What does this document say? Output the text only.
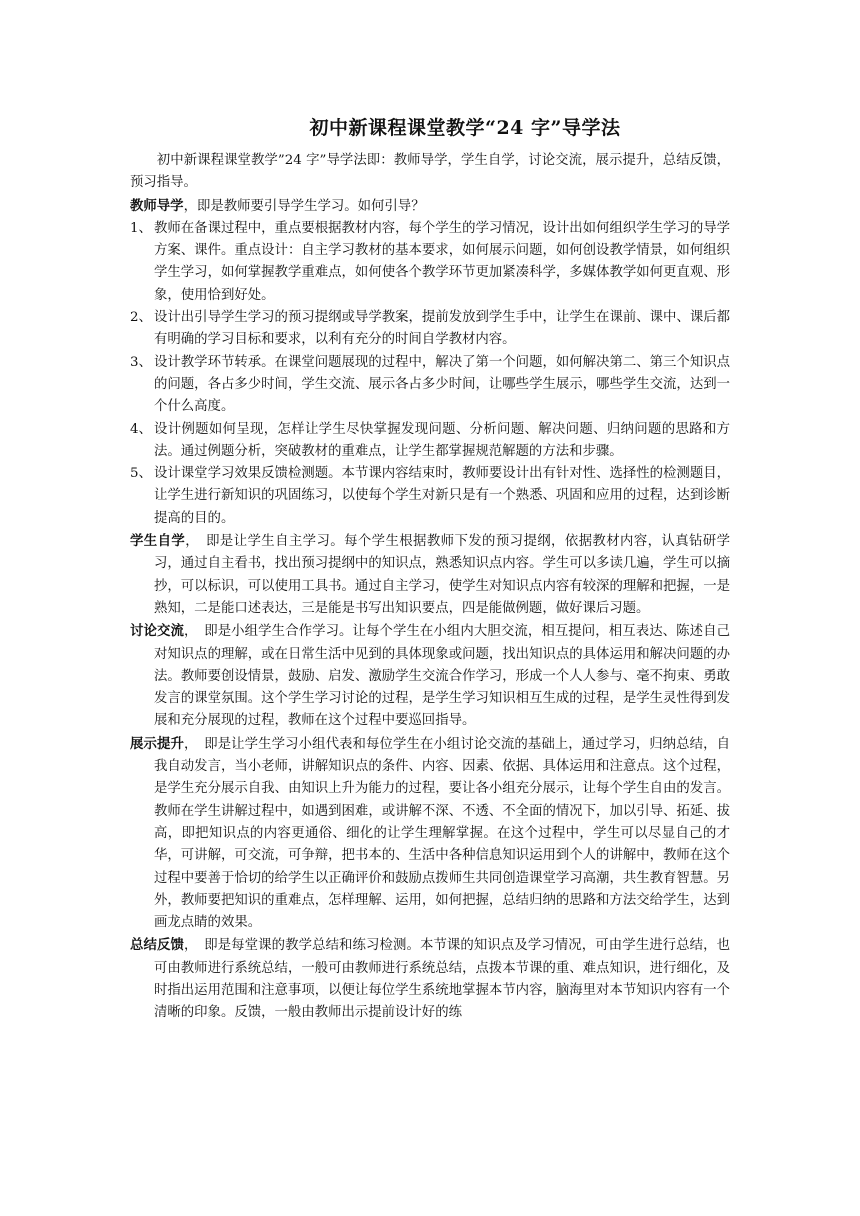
初中新课程课堂教学“24 字”导学法

初中新课程课堂教学”24 字”导学法即：教师导学，学生自学，讨论交流，展示提升，总结反馈，预习指导。

教师导学，即是教师要引导学生学习。如何引导？

1、 教师在备课过程中，重点要根据教材内容，每个学生的学习情况，设计出如何组织学生学习的导学方案、课件。重点设计：自主学习教材的基本要求，如何展示问题，如何创设教学情景，如何组织学生学习，如何掌握教学重难点，如何使各个教学环节更加紧凑科学，多媒体教学如何更直观、形象，使用恰到好处。

2、 设计出引导学生学习的预习提纲或导学教案，提前发放到学生手中，让学生在课前、课中、课后都有明确的学习目标和要求，以利有充分的时间自学教材内容。

3、 设计教学环节转承。在课堂问题展现的过程中，解决了第一个问题，如何解决第二、第三个知识点的问题，各占多少时间，学生交流、展示各占多少时间，让哪些学生展示，哪些学生交流，达到一个什么高度。

4、 设计例题如何呈现，怎样让学生尽快掌握发现问题、分析问题、解决问题、归纳问题的思路和方法。通过例题分析，突破教材的重难点，让学生都掌握规范解题的方法和步骤。

5、 设计课堂学习效果反馈检测题。本节课内容结束时，教师要设计出有针对性、选择性的检测题目，让学生进行新知识的巩固练习，以使每个学生对新只是有一个熟悉、巩固和应用的过程，达到诊断提高的目的。

学生自学，　即是让学生自主学习。每个学生根据教师下发的预习提纲，依据教材内容，认真钻研学习，通过自主看书，找出预习提纲中的知识点，熟悉知识点内容。学生可以多读几遍，学生可以摘抄，可以标识，可以使用工具书。通过自主学习，使学生对知识点内容有较深的理解和把握，一是熟知，二是能口述表达，三是能是书写出知识要点，四是能做例题，做好课后习题。

讨论交流，　即是小组学生合作学习。让每个学生在小组内大胆交流，相互提问，相互表达、陈述自己对知识点的理解，或在日常生活中见到的具体现象或问题，找出知识点的具体运用和解决问题的办法。教师要创设情景，鼓励、启发、激励学生交流合作学习，形成一个人人参与、毫不拘束、勇敢发言的课堂氛围。这个学生学习讨论的过程，是学生学习知识相互生成的过程，是学生灵性得到发展和充分展现的过程，教师在这个过程中要巡回指导。

展示提升，　即是让学生学习小组代表和每位学生在小组讨论交流的基础上，通过学习，归纳总结，自我自动发言，当小老师，讲解知识点的条件、内容、因素、依据、具体运用和注意点。这个过程，是学生充分展示自我、由知识上升为能力的过程，要让各小组充分展示，让每个学生自由的发言。教师在学生讲解过程中，如遇到困难，或讲解不深、不透、不全面的情况下，加以引导、拓延、拔高，即把知识点的内容更通俗、细化的让学生理解掌握。在这个过程中，学生可以尽显自己的才华，可讲解，可交流，可争辩，把书本的、生活中各种信息知识运用到个人的讲解中，教师在这个过程中要善于恰切的给学生以正确评价和鼓励点拨师生共同创造课堂学习高潮，共生教育智慧。另外，教师要把知识的重难点，怎样理解、运用，如何把握，总结归纳的思路和方法交给学生，达到画龙点睛的效果。

总结反馈，　即是每堂课的教学总结和练习检测。本节课的知识点及学习情况，可由学生进行总结，也可由教师进行系统总结，一般可由教师进行系统总结，点拨本节课的重、难点知识，进行细化，及时指出运用范围和注意事项，以便让每位学生系统地掌握本节内容，脑海里对本节知识内容有一个清晰的印象。反馈，一般由教师出示提前设计好的练
